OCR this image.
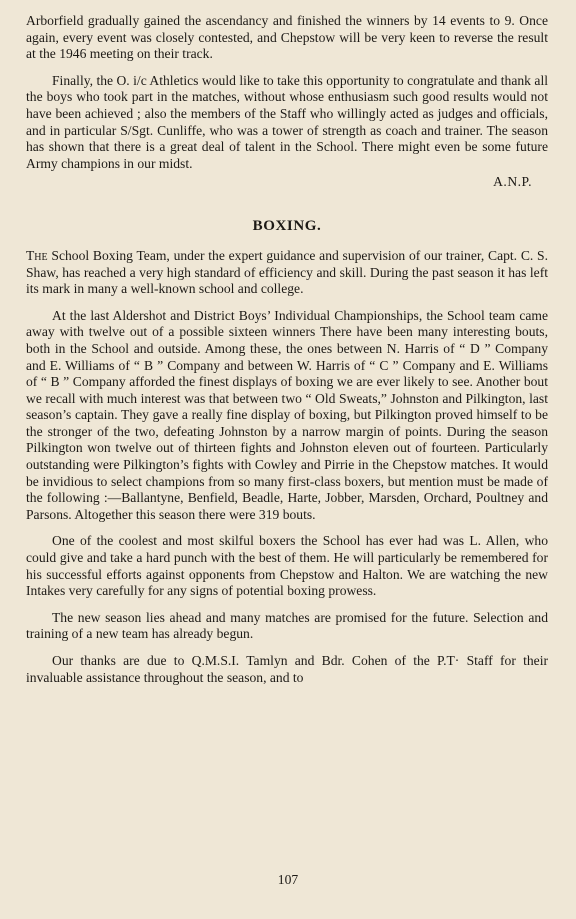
Arborfield gradually gained the ascendancy and finished the winners by 14 events to 9. Once again, every event was closely contested, and Chepstow will be very keen to reverse the result at the 1946 meeting on their track.

Finally, the O. i/c Athletics would like to take this opportunity to congratulate and thank all the boys who took part in the matches, without whose enthusiasm such good results would not have been achieved ; also the members of the Staff who willingly acted as judges and officials, and in particular S/Sgt. Cunliffe, who was a tower of strength as coach and trainer. The season has shown that there is a great deal of talent in the School. There might even be some future Army champions in our midst.

A.N.P.
BOXING.

The School Boxing Team, under the expert guidance and supervision of our trainer, Capt. C. S. Shaw, has reached a very high standard of efficiency and skill. During the past season it has left its mark in many a well-known school and college.

At the last Aldershot and District Boys’ Individual Championships, the School team came away with twelve out of a possible sixteen winners There have been many interesting bouts, both in the School and outside. Among these, the ones between N. Harris of “ D ” Company and E. Williams of “ B ” Company and between W. Harris of “ C ” Company and E. Williams of “ B ” Company afforded the finest displays of boxing we are ever likely to see. Another bout we recall with much interest was that between two “ Old Sweats,” Johnston and Pilkington, last season’s captain. They gave a really fine display of boxing, but Pilkington proved himself to be the stronger of the two, defeating Johnston by a narrow margin of points. During the season Pilkington won twelve out of thirteen fights and Johnston eleven out of fourteen. Particularly outstanding were Pilkington’s fights with Cowley and Pirrie in the Chepstow matches. It would be invidious to select champions from so many first-class boxers, but mention must be made of the following :—Ballantyne, Benfield, Beadle, Harte, Jobber, Marsden, Orchard, Poultney and Parsons. Altogether this season there were 319 bouts.

One of the coolest and most skilful boxers the School has ever had was L. Allen, who could give and take a hard punch with the best of them. He will particularly be remembered for his successful efforts against opponents from Chepstow and Halton. We are watching the new Intakes very carefully for any signs of potential boxing prowess.

The new season lies ahead and many matches are promised for the future. Selection and training of a new team has already begun.

Our thanks are due to Q.M.S.I. Tamlyn and Bdr. Cohen of the P.T· Staff for their invaluable assistance throughout the season, and to

107
